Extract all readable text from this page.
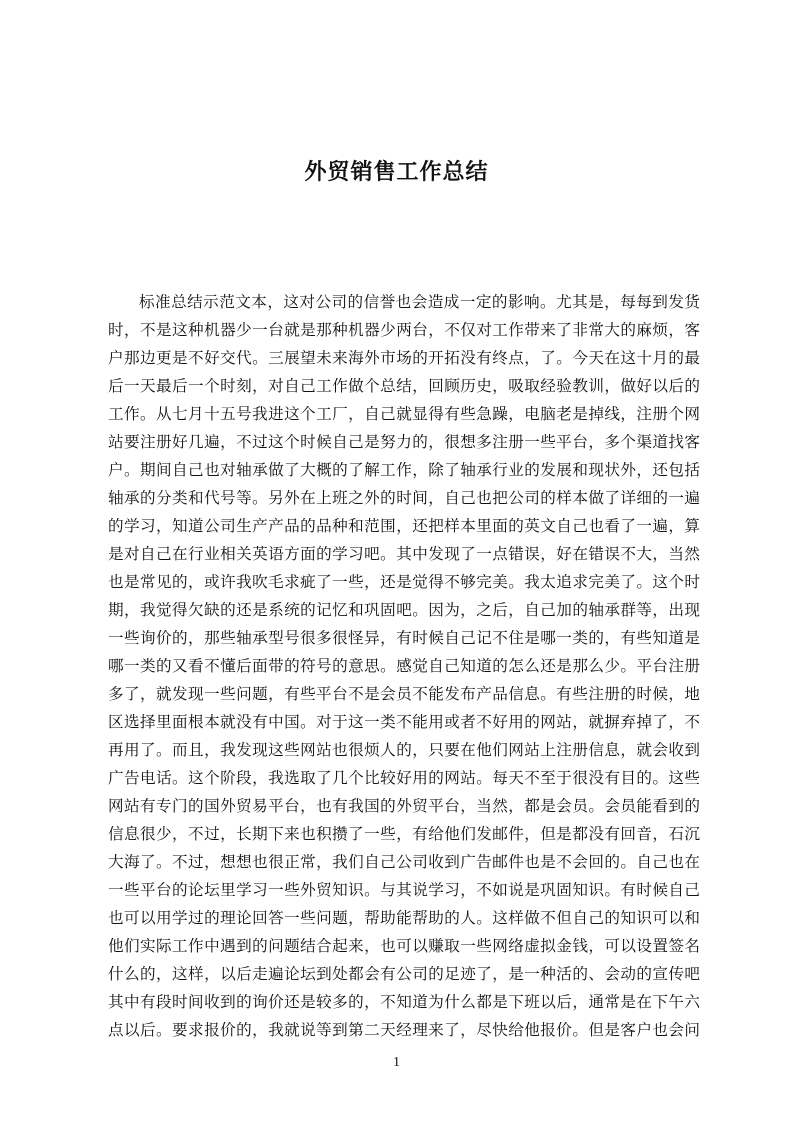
外贸销售工作总结
标准总结示范文本，这对公司的信誉也会造成一定的影响。尤其是，每每到发货
时，不是这种机器少一台就是那种机器少两台，不仅对工作带来了非常大的麻烦，客
户那边更是不好交代。三展望未来海外市场的开拓没有终点，了。今天在这十月的最
后一天最后一个时刻，对自己工作做个总结，回顾历史，吸取经验教训，做好以后的
工作。从七月十五号我进这个工厂，自己就显得有些急躁，电脑老是掉线，注册个网
站要注册好几遍，不过这个时候自己是努力的，很想多注册一些平台，多个渠道找客
户。期间自己也对轴承做了大概的了解工作，除了轴承行业的发展和现状外，还包括
轴承的分类和代号等。另外在上班之外的时间，自己也把公司的样本做了详细的一遍
的学习，知道公司生产产品的品种和范围，还把样本里面的英文自己也看了一遍，算
是对自己在行业相关英语方面的学习吧。其中发现了一点错误，好在错误不大，当然
也是常见的，或许我吹毛求疵了一些，还是觉得不够完美。我太追求完美了。这个时
期，我觉得欠缺的还是系统的记忆和巩固吧。因为，之后，自己加的轴承群等，出现
一些询价的，那些轴承型号很多很怪异，有时候自己记不住是哪一类的，有些知道是
哪一类的又看不懂后面带的符号的意思。感觉自己知道的怎么还是那么少。平台注册
多了，就发现一些问题，有些平台不是会员不能发布产品信息。有些注册的时候，地
区选择里面根本就没有中国。对于这一类不能用或者不好用的网站，就摒弃掉了，不
再用了。而且，我发现这些网站也很烦人的，只要在他们网站上注册信息，就会收到
广告电话。这个阶段，我选取了几个比较好用的网站。每天不至于很没有目的。这些
网站有专门的国外贸易平台，也有我国的外贸平台，当然，都是会员。会员能看到的
信息很少，不过，长期下来也积攒了一些，有给他们发邮件，但是都没有回音，石沉
大海了。不过，想想也很正常，我们自己公司收到广告邮件也是不会回的。自己也在
一些平台的论坛里学习一些外贸知识。与其说学习，不如说是巩固知识。有时候自己
也可以用学过的理论回答一些问题，帮助能帮助的人。这样做不但自己的知识可以和
他们实际工作中遇到的问题结合起来，也可以赚取一些网络虚拟金钱，可以设置签名
什么的，这样，以后走遍论坛到处都会有公司的足迹了，是一种活的、会动的宣传吧
其中有段时间收到的询价还是较多的，不知道为什么都是下班以后，通常是在下午六
点以后。要求报价的，我就说等到第二天经理来了，尽快给他报价。但是客户也会问
1
